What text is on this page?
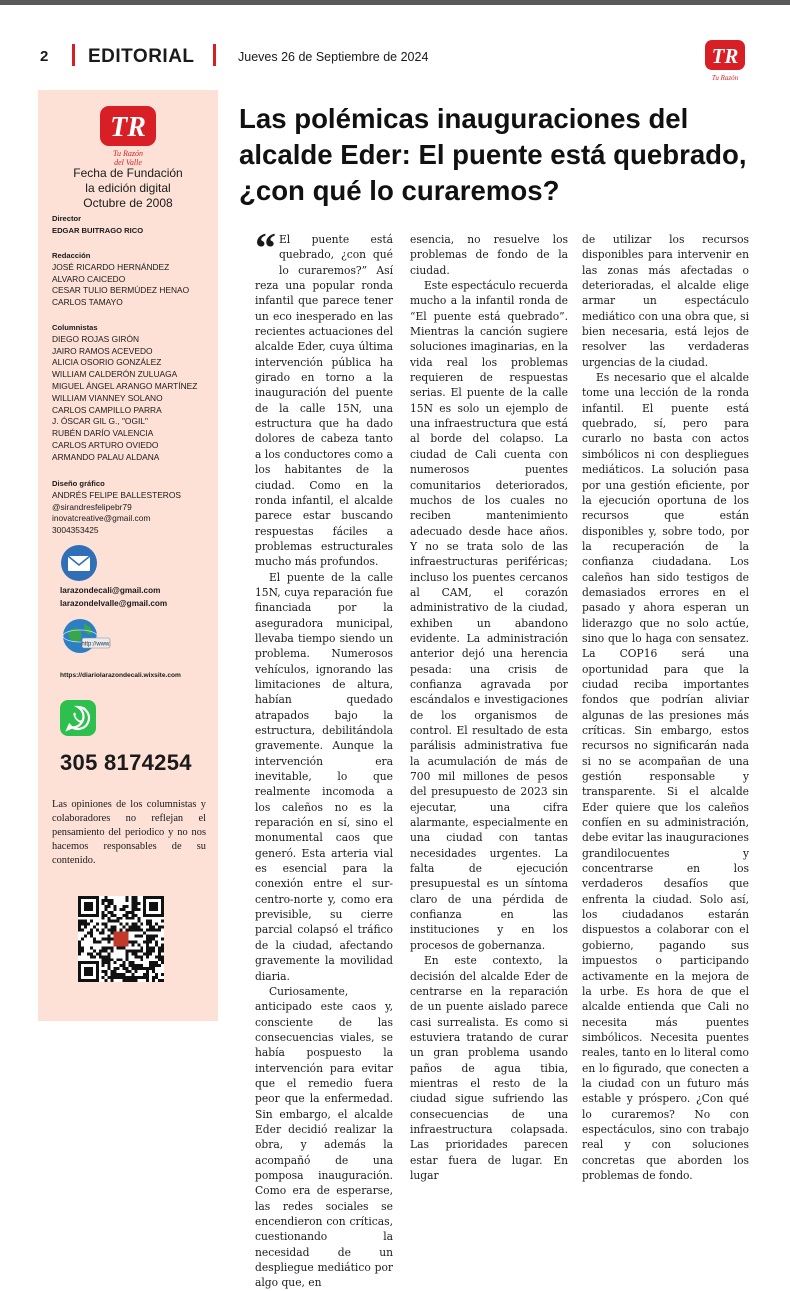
2 EDITORIAL	Jueves 26 de Septiembre de 2024	TR
Tu Razón
TR
Tu Razón
del Valle
Fecha de Fundación
la edición digital
Octubre de 2008
Director
EDGAR BUITRAGO RICO
Redacción
JOSÉ RICARDO HERNÁNDEZ
ALVARO CAICEDO
CESAR TULIO BERMÚDEZ HENAO
CARLOS TAMAYO
Columnistas
DIEGO ROJAS GIRÓN
JAIRO RAMOS ACEVEDO
ALICIA OSORIO GONZÁLEZ
WILLIAM CALDERÓN ZULUAGA
MIGUEL ÁNGEL ARANGO MARTÍNEZ
WILLIAM VIANNEY SOLANO
CARLOS CAMPILLO PARRA
J. ÓSCAR GIL G., "OGIL"
RUBÉN DARÍO VALENCIA
CARLOS ARTURO OVIEDO
ARMANDO PALAU ALDANA
Diseño gráfico
ANDRÉS FELIPE BALLESTEROS
@sirandresfelipebr79
inovatcreative@gmail.com
3004353425
larazondecali@gmail.com
larazondelvalle@gmail.com
http://www.
https://diariolarazondecali.wixsite.com
305 8174254
Las opiniones de los columnistas y colaboradores no reflejan el pensamiento del periodico y no nos hacemos responsables de su contenido.
Las polémicas inauguraciones del alcalde Eder: El puente está quebrado, ¿con qué lo curaremos?

“ El puente está quebrado, ¿con qué lo curaremos?” Así reza una popular ronda infantil que parece tener un eco inesperado en las recientes actuaciones del alcalde Eder, cuya última intervención pública ha girado en torno a la inauguración del puente de la calle 15N, una estructura que ha dado dolores de cabeza tanto a los conductores como a los habitantes de la ciudad. Como en la ronda infantil, el alcalde parece estar buscando respuestas fáciles a problemas estructurales mucho más profundos.

El puente de la calle 15N, cuya reparación fue financiada por la aseguradora municipal, llevaba tiempo siendo un problema. Numerosos vehículos, ignorando las limitaciones de altura, habían quedado atrapados bajo la estructura, debilitándola gravemente. Aunque la intervención era inevitable, lo que realmente incomoda a los caleños no es la reparación en sí, sino el monumental caos que generó. Esta arteria vial es esencial para la conexión entre el sur-centro-norte y, como era previsible, su cierre parcial colapsó el tráfico de la ciudad, afectando gravemente la movilidad diaria.

Curiosamente, anticipado este caos y, consciente de las consecuencias viales, se había pospuesto la intervención para evitar que el remedio fuera peor que la enfermedad. Sin embargo, el alcalde Eder decidió realizar la obra, y además la acompañó de una pomposa inauguración. Como era de esperarse, las redes sociales se encendieron con críticas, cuestionando la necesidad de un despliegue mediático por algo que, en

esencia, no resuelve los problemas de fondo de la ciudad.

Este espectáculo recuerda mucho a la infantil ronda de “El puente está quebrado”. Mientras la canción sugiere soluciones imaginarias, en la vida real los problemas requieren de respuestas serias. El puente de la calle 15N es solo un ejemplo de una infraestructura que está al borde del colapso. La ciudad de Cali cuenta con numerosos puentes comunitarios deteriorados, muchos de los cuales no reciben mantenimiento adecuado desde hace años. Y no se trata solo de las infraestructuras periféricas; incluso los puentes cercanos al CAM, el corazón administrativo de la ciudad, exhiben un abandono evidente. La administración anterior dejó una herencia pesada: una crisis de confianza agravada por escándalos e investigaciones de los organismos de control. El resultado de esta parálisis administrativa fue la acumulación de más de 700 mil millones de pesos del presupuesto de 2023 sin ejecutar, una cifra alarmante, especialmente en una ciudad con tantas necesidades urgentes. La falta de ejecución presupuestal es un síntoma claro de una pérdida de confianza en las instituciones y en los procesos de gobernanza.

En este contexto, la decisión del alcalde Eder de centrarse en la reparación de un puente aislado parece casi surrealista. Es como si estuviera tratando de curar un gran problema usando paños de agua tibia, mientras el resto de la ciudad sigue sufriendo las consecuencias de una infraestructura colapsada. Las prioridades parecen estar fuera de lugar. En lugar

de utilizar los recursos disponibles para intervenir en las zonas más afectadas o deterioradas, el alcalde elige armar un espectáculo mediático con una obra que, si bien necesaria, está lejos de resolver las verdaderas urgencias de la ciudad.

Es necesario que el alcalde tome una lección de la ronda infantil. El puente está quebrado, sí, pero para curarlo no basta con actos simbólicos ni con despliegues mediáticos. La solución pasa por una gestión eficiente, por la ejecución oportuna de los recursos que están disponibles y, sobre todo, por la recuperación de la confianza ciudadana. Los caleños han sido testigos de demasiados errores en el pasado y ahora esperan un liderazgo que no solo actúe, sino que lo haga con sensatez. La COP16 será una oportunidad para que la ciudad reciba importantes fondos que podrían aliviar algunas de las presiones más críticas. Sin embargo, estos recursos no significarán nada si no se acompañan de una gestión responsable y transparente. Si el alcalde Eder quiere que los caleños confíen en su administración, debe evitar las inauguraciones grandilocuentes y concentrarse en los verdaderos desafíos que enfrenta la ciudad. Solo así, los ciudadanos estarán dispuestos a colaborar con el gobierno, pagando sus impuestos o participando activamente en la mejora de la urbe. Es hora de que el alcalde entienda que Cali no necesita más puentes simbólicos. Necesita puentes reales, tanto en lo literal como en lo figurado, que conecten a la ciudad con un futuro más estable y próspero. ¿Con qué lo curaremos? No con espectáculos, sino con trabajo real y con soluciones concretas que aborden los problemas de fondo.
